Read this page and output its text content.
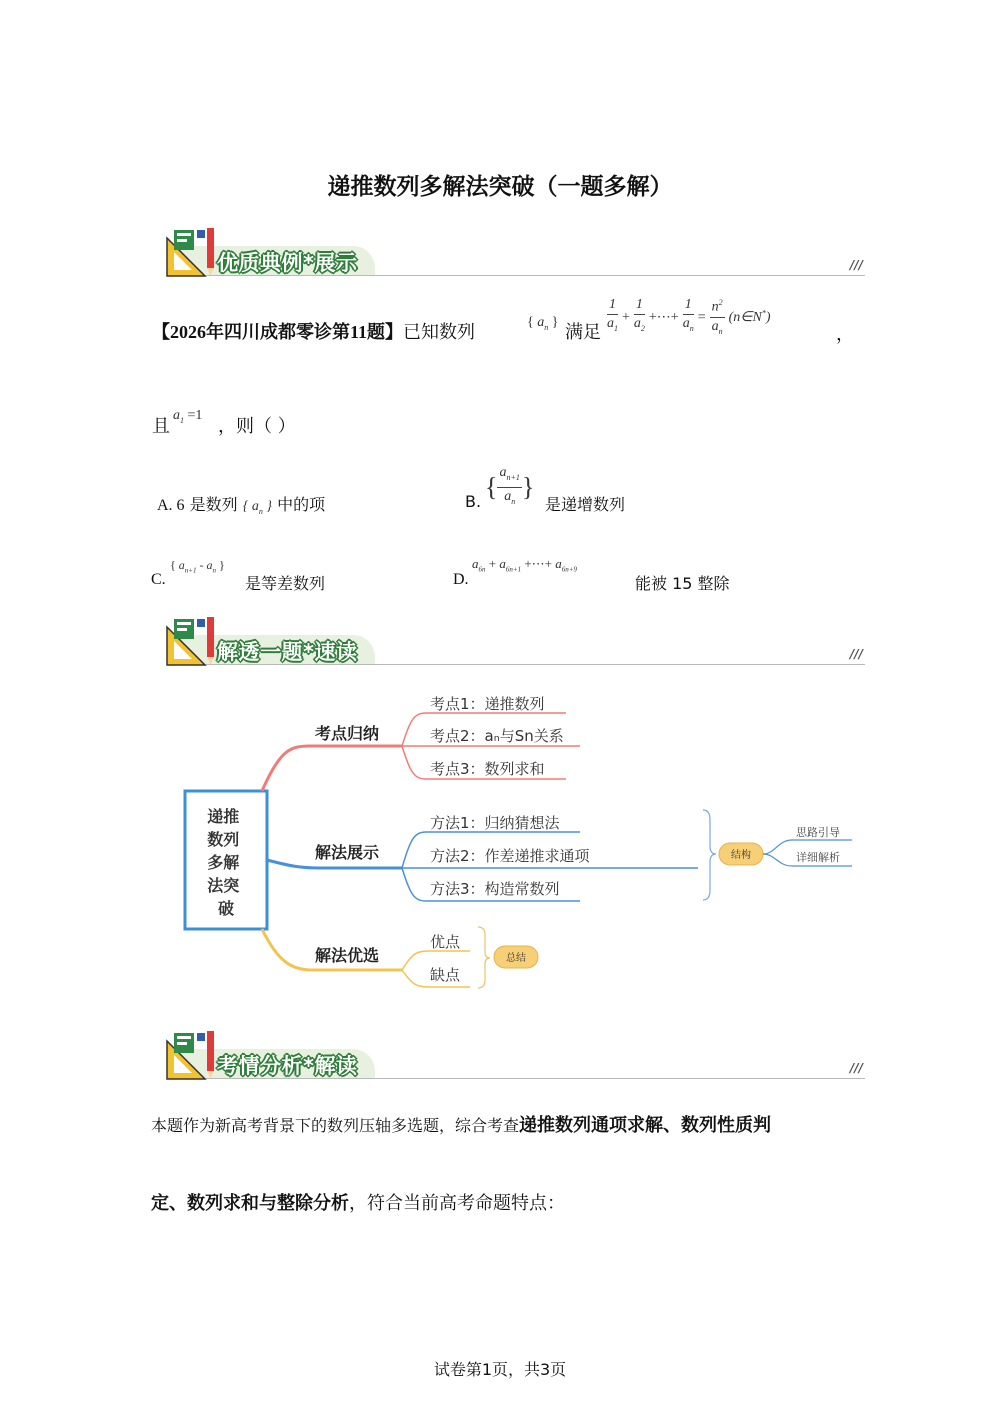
递推数列多解法突破（一题多解）
优质典例*展示	///
【2026年四川成都零诊第11题】已知数列	{ $a_n$ } 满足 $\frac{1}{a_1} + \frac{1}{a_2}$ +⋯+ $\frac{1}{a_n} = \frac{n^2}{a_n}$ (n∈N*)
，
且
$a_1 =1$
，则（ ）
A. 6 是数列 { $a_n$ } 中的项	B.
{ $\frac{a_{n+1}}{a_n}$ }
是递增数列
C.
{ $a_{n+1} - a_n$ }
是等差数列	D.
$a_{6n} + a_{6n+1}$ +⋯+ $a_{6n+9}$
能被 15 整除
解透一题*速读	///
递推 数列 多解 法突 破
考点归纳
考点1：递推数列
考点2：aₙ与Sn关系
考点3：数列求和
解法展示
方法1：归纳猜想法
方法2：作差递推求通项
方法3：构造常数列
结构
思路引导
详细解析
解法优选
优点
缺点
总结
考情分析*解读	///
本题作为新高考背景下的数列压轴多选题，综合考查递推数列通项求解、数列性质判
定、数列求和与整除分析，符合当前高考命题特点：
试卷第1页，共3页
